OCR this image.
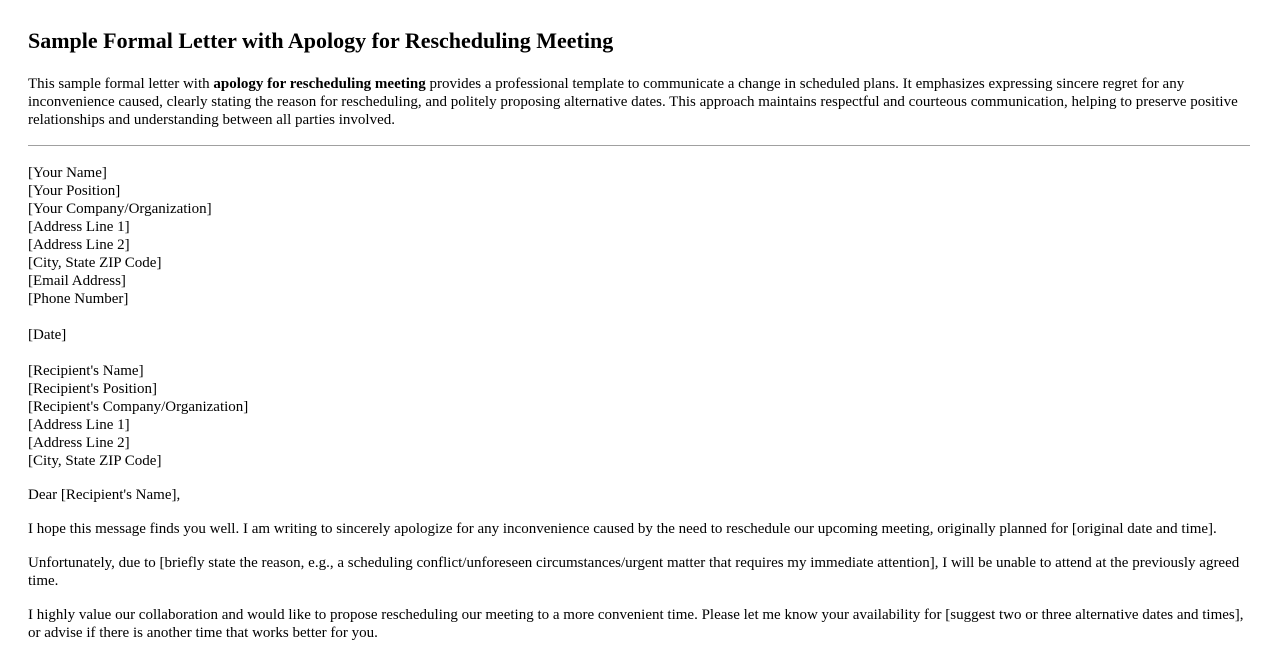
Sample Formal Letter with Apology for Rescheduling Meeting

This sample formal letter with apology for rescheduling meeting provides a professional template to communicate a change in scheduled plans. It emphasizes expressing sincere regret for any inconvenience caused, clearly stating the reason for rescheduling, and politely proposing alternative dates. This approach maintains respectful and courteous communication, helping to preserve positive relationships and understanding between all parties involved.

[Your Name]
[Your Position]
[Your Company/Organization]
[Address Line 1]
[Address Line 2]
[City, State ZIP Code]
[Email Address]
[Phone Number]
[Date]
[Recipient's Name]
[Recipient's Position]
[Recipient's Company/Organization]
[Address Line 1]
[Address Line 2]
[City, State ZIP Code]

Dear [Recipient's Name],

I hope this message finds you well. I am writing to sincerely apologize for any inconvenience caused by the need to reschedule our upcoming meeting, originally planned for [original date and time].

Unfortunately, due to [briefly state the reason, e.g., a scheduling conflict/unforeseen circumstances/urgent matter that requires my immediate attention], I will be unable to attend at the previously agreed time.

I highly value our collaboration and would like to propose rescheduling our meeting to a more convenient time. Please let me know your availability for [suggest two or three alternative dates and times], or advise if there is another time that works better for you.
